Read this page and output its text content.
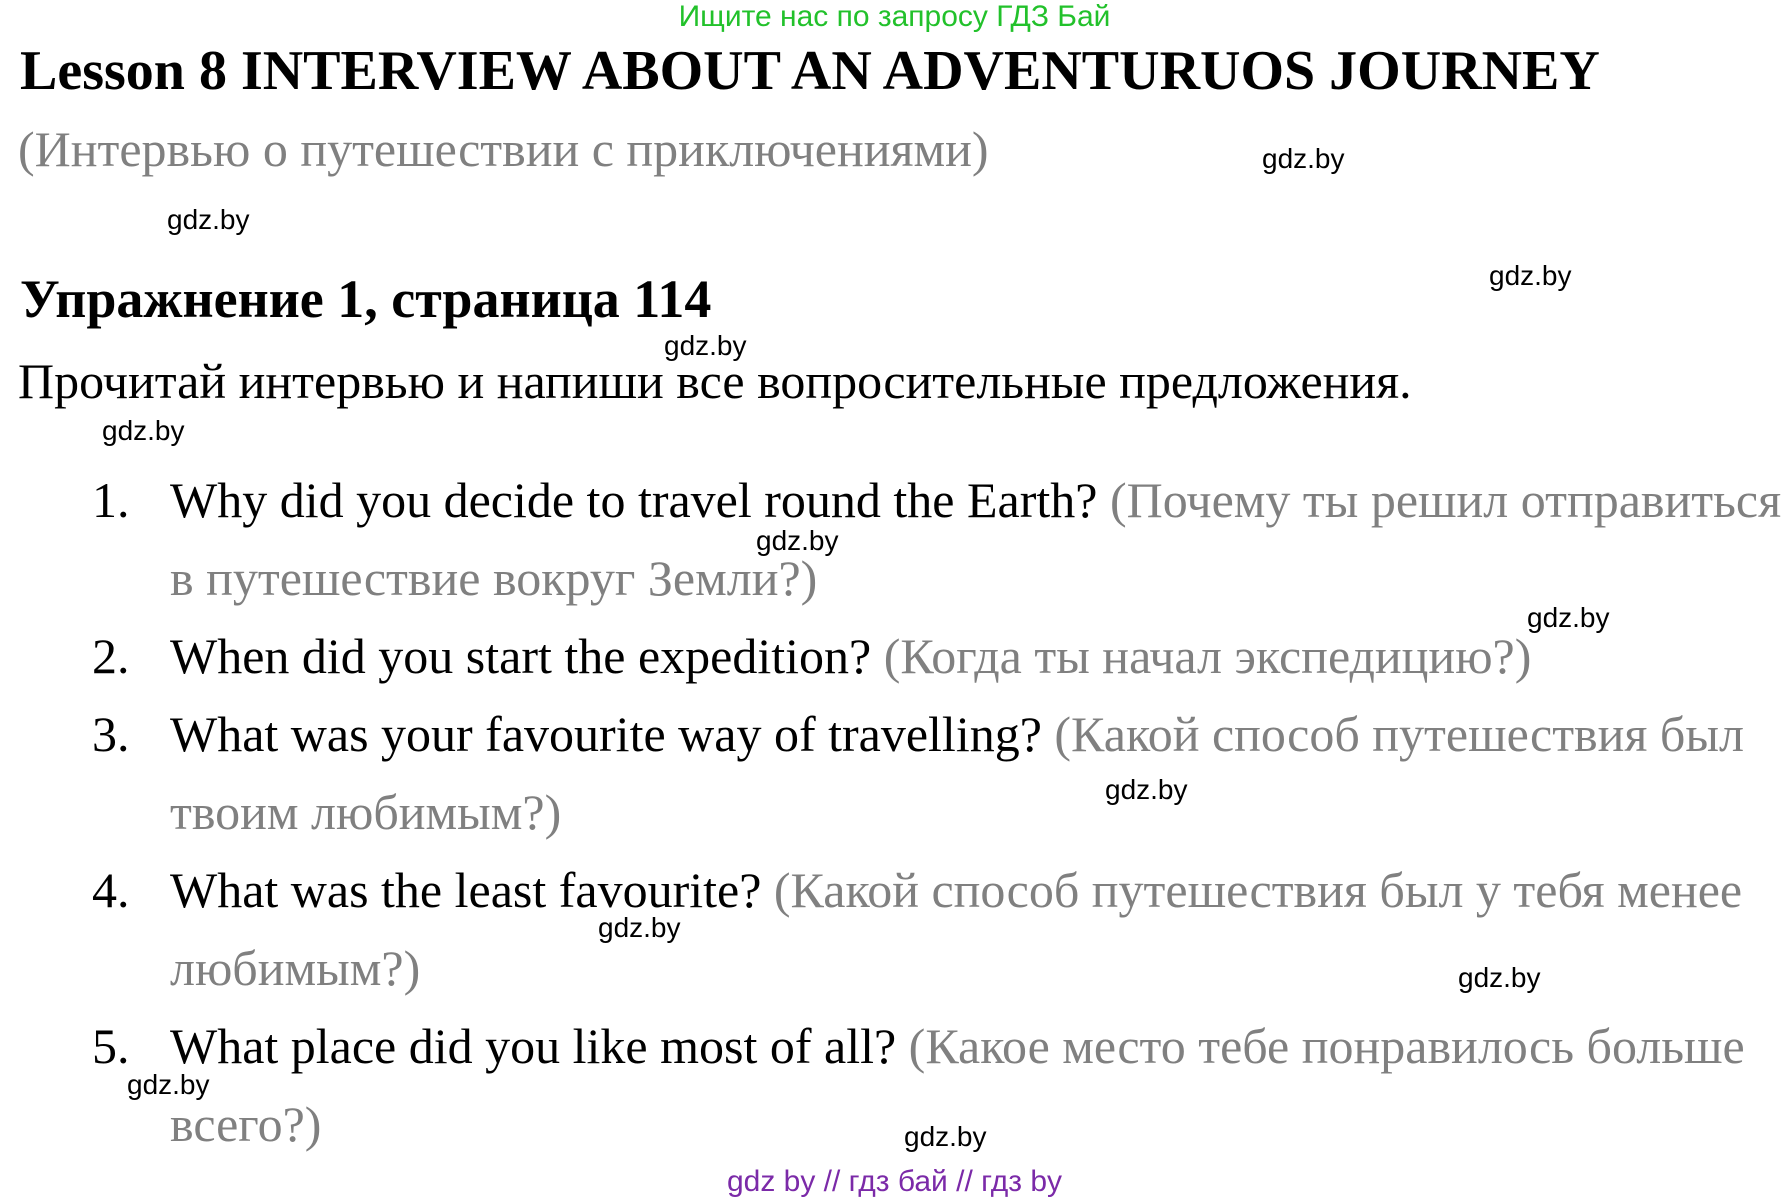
Ищите нас по запросу ГДЗ Бай
Lesson 8 INTERVIEW ABOUT AN ADVENTURUOS JOURNEY
(Интервью о путешествии с приключениями)
Упражнение 1, страница 114
Прочитай интервью и напиши все вопросительные предложения.
1. Why did you decide to travel round the Earth? (Почему ты решил отправиться в путешествие вокруг Земли?)
2. When did you start the expedition? (Когда ты начал экспедицию?)
3. What was your favourite way of travelling? (Какой способ путешествия был твоим любимым?)
4. What was the least favourite? (Какой способ путешествия был у тебя менее любимым?)
5. What place did you like most of all? (Какое место тебе понравилось больше всего?)
gdz.by
gdz.by
gdz.by
gdz.by
gdz.by
gdz.by
gdz.by
gdz.by
gdz.by
gdz.by
gdz.by
gdz.by
gdz by // гдз бай // гдз by
